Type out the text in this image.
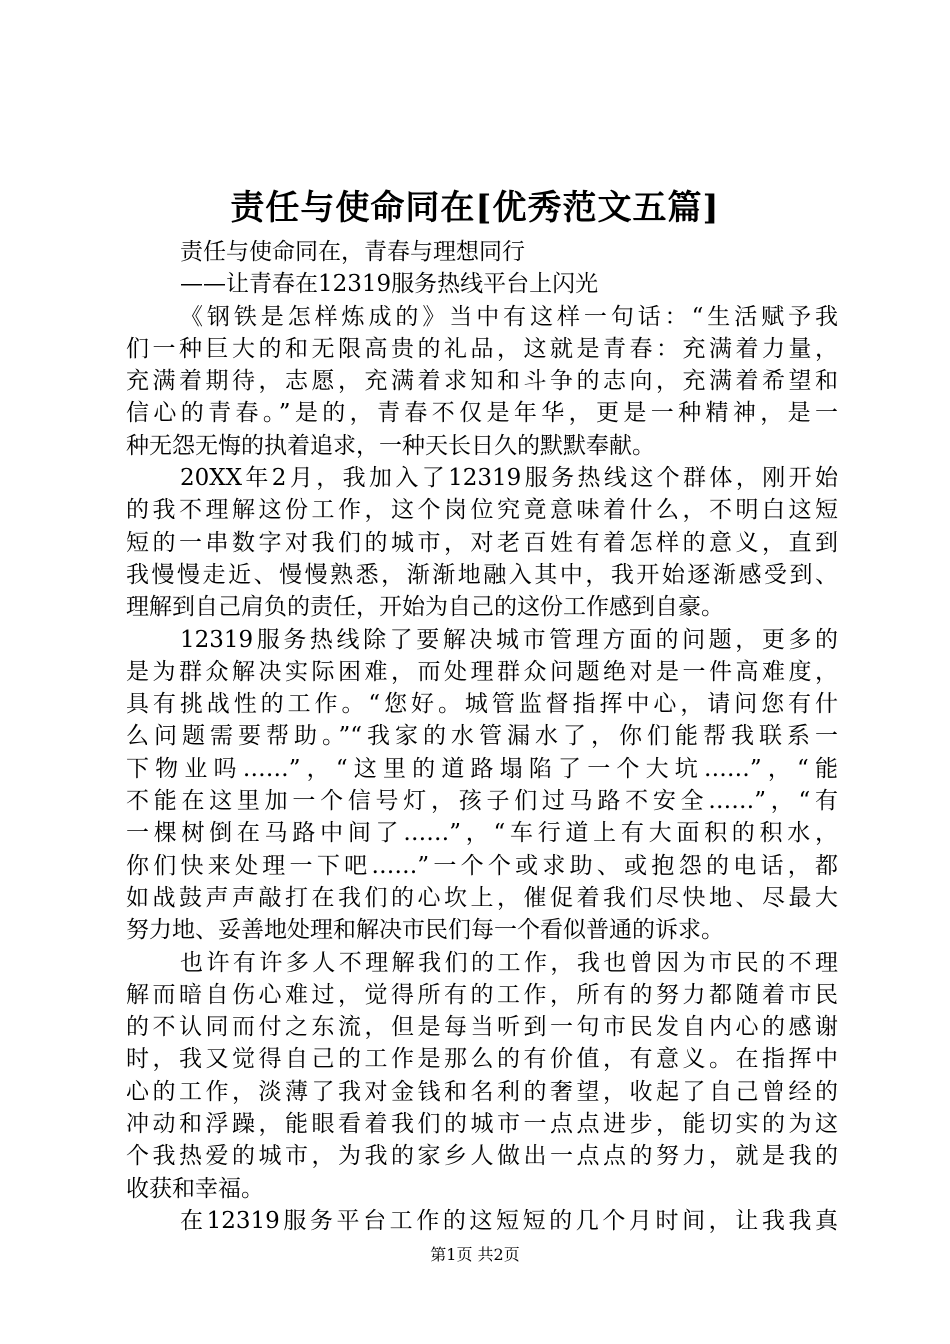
责任与使命同在[优秀范文五篇]
责任与使命同在，青春与理想同行
——让青春在12319服务热线平台上闪光
《钢铁是怎样炼成的》当中有这样一句话：“生活赋予我
们一种巨大的和无限高贵的礼品，这就是青春：充满着力量，
充满着期待，志愿，充满着求知和斗争的志向，充满着希望和
信心的青春。”是的，青春不仅是年华，更是一种精神，是一
种无怨无悔的执着追求，一种天长日久的默默奉献。
20XX年2月，我加入了12319服务热线这个群体，刚开始
的我不理解这份工作，这个岗位究竟意味着什么，不明白这短
短的一串数字对我们的城市，对老百姓有着怎样的意义，直到
我慢慢走近、慢慢熟悉，渐渐地融入其中，我开始逐渐感受到、
理解到自己肩负的责任，开始为自己的这份工作感到自豪。
12319服务热线除了要解决城市管理方面的问题，更多的
是为群众解决实际困难，而处理群众问题绝对是一件高难度，
具有挑战性的工作。“您好。城管监督指挥中心，请问您有什
么问题需要帮助。”“我家的水管漏水了，你们能帮我联系一
下物业吗……”，“这里的道路塌陷了一个大坑……”，“能
不能在这里加一个信号灯，孩子们过马路不安全……”，“有
一棵树倒在马路中间了……”，“车行道上有大面积的积水，
你们快来处理一下吧……”一个个或求助、或抱怨的电话，都
如战鼓声声敲打在我们的心坎上，催促着我们尽快地、尽最大
努力地、妥善地处理和解决市民们每一个看似普通的诉求。
也许有许多人不理解我们的工作，我也曾因为市民的不理
解而暗自伤心难过，觉得所有的工作，所有的努力都随着市民
的不认同而付之东流，但是每当听到一句市民发自内心的感谢
时，我又觉得自己的工作是那么的有价值，有意义。在指挥中
心的工作，淡薄了我对金钱和名利的奢望，收起了自己曾经的
冲动和浮躁，能眼看着我们的城市一点点进步，能切实的为这
个我热爱的城市，为我的家乡人做出一点点的努力，就是我的
收获和幸福。
在12319服务平台工作的这短短的几个月时间，让我我真
第1页 共2页
